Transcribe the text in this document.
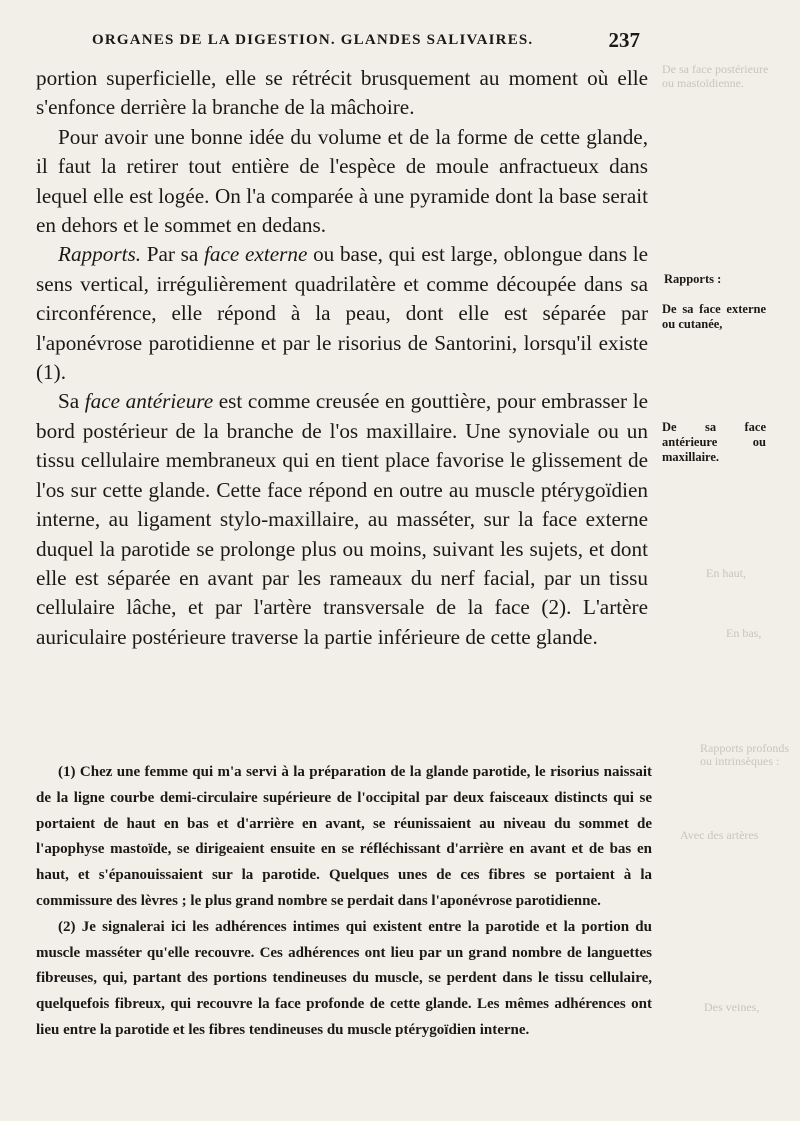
De sa face postérieure ou mastoïdienne.
En haut,
En bas,
Rapports profonds ou intrinsèques :
Avec des artères
Des veines,
ORGANES DE LA DIGESTION. GLANDES SALIVAIRES.	237

portion superficielle, elle se rétrécit brusquement au moment où elle s'enfonce derrière la branche de la mâchoire.

Pour avoir une bonne idée du volume et de la forme de cette glande, il faut la retirer tout entière de l'espèce de moule anfractueux dans lequel elle est logée. On l'a comparée à une pyramide dont la base serait en dehors et le sommet en dedans.

Rapports. Par sa face externe ou base, qui est large, oblongue dans le sens vertical, irrégulièrement quadrilatère et comme découpée dans sa circonférence, elle répond à la peau, dont elle est séparée par l'aponévrose parotidienne et par le risorius de Santorini, lorsqu'il existe (1).

Sa face antérieure est comme creusée en gouttière, pour embrasser le bord postérieur de la branche de l'os maxillaire. Une synoviale ou un tissu cellulaire membraneux qui en tient place favorise le glissement de l'os sur cette glande. Cette face répond en outre au muscle ptérygoïdien interne, au ligament stylo-maxillaire, au masséter, sur la face externe duquel la parotide se prolonge plus ou moins, suivant les sujets, et dont elle est séparée en avant par les rameaux du nerf facial, par un tissu cellulaire lâche, et par l'artère transversale de la face (2). L'artère auriculaire postérieure traverse la partie inférieure de cette glande.

Rapports :
De sa face externe ou cutanée,
De sa face antérieure ou maxillaire.

(1) Chez une femme qui m'a servi à la préparation de la glande parotide, le risorius naissait de la ligne courbe demi-circulaire supérieure de l'occipital par deux faisceaux distincts qui se portaient de haut en bas et d'arrière en avant, se réunissaient au niveau du sommet de l'apophyse mastoïde, se dirigeaient ensuite en se réfléchissant d'arrière en avant et de bas en haut, et s'épanouissaient sur la parotide. Quelques unes de ces fibres se portaient à la commissure des lèvres ; le plus grand nombre se perdait dans l'aponévrose parotidienne.

(2) Je signalerai ici les adhérences intimes qui existent entre la parotide et la portion du muscle masséter qu'elle recouvre. Ces adhérences ont lieu par un grand nombre de languettes fibreuses, qui, partant des portions tendineuses du muscle, se perdent dans le tissu cellulaire, quelquefois fibreux, qui recouvre la face profonde de cette glande. Les mêmes adhérences ont lieu entre la parotide et les fibres tendineuses du muscle ptérygoïdien interne.
